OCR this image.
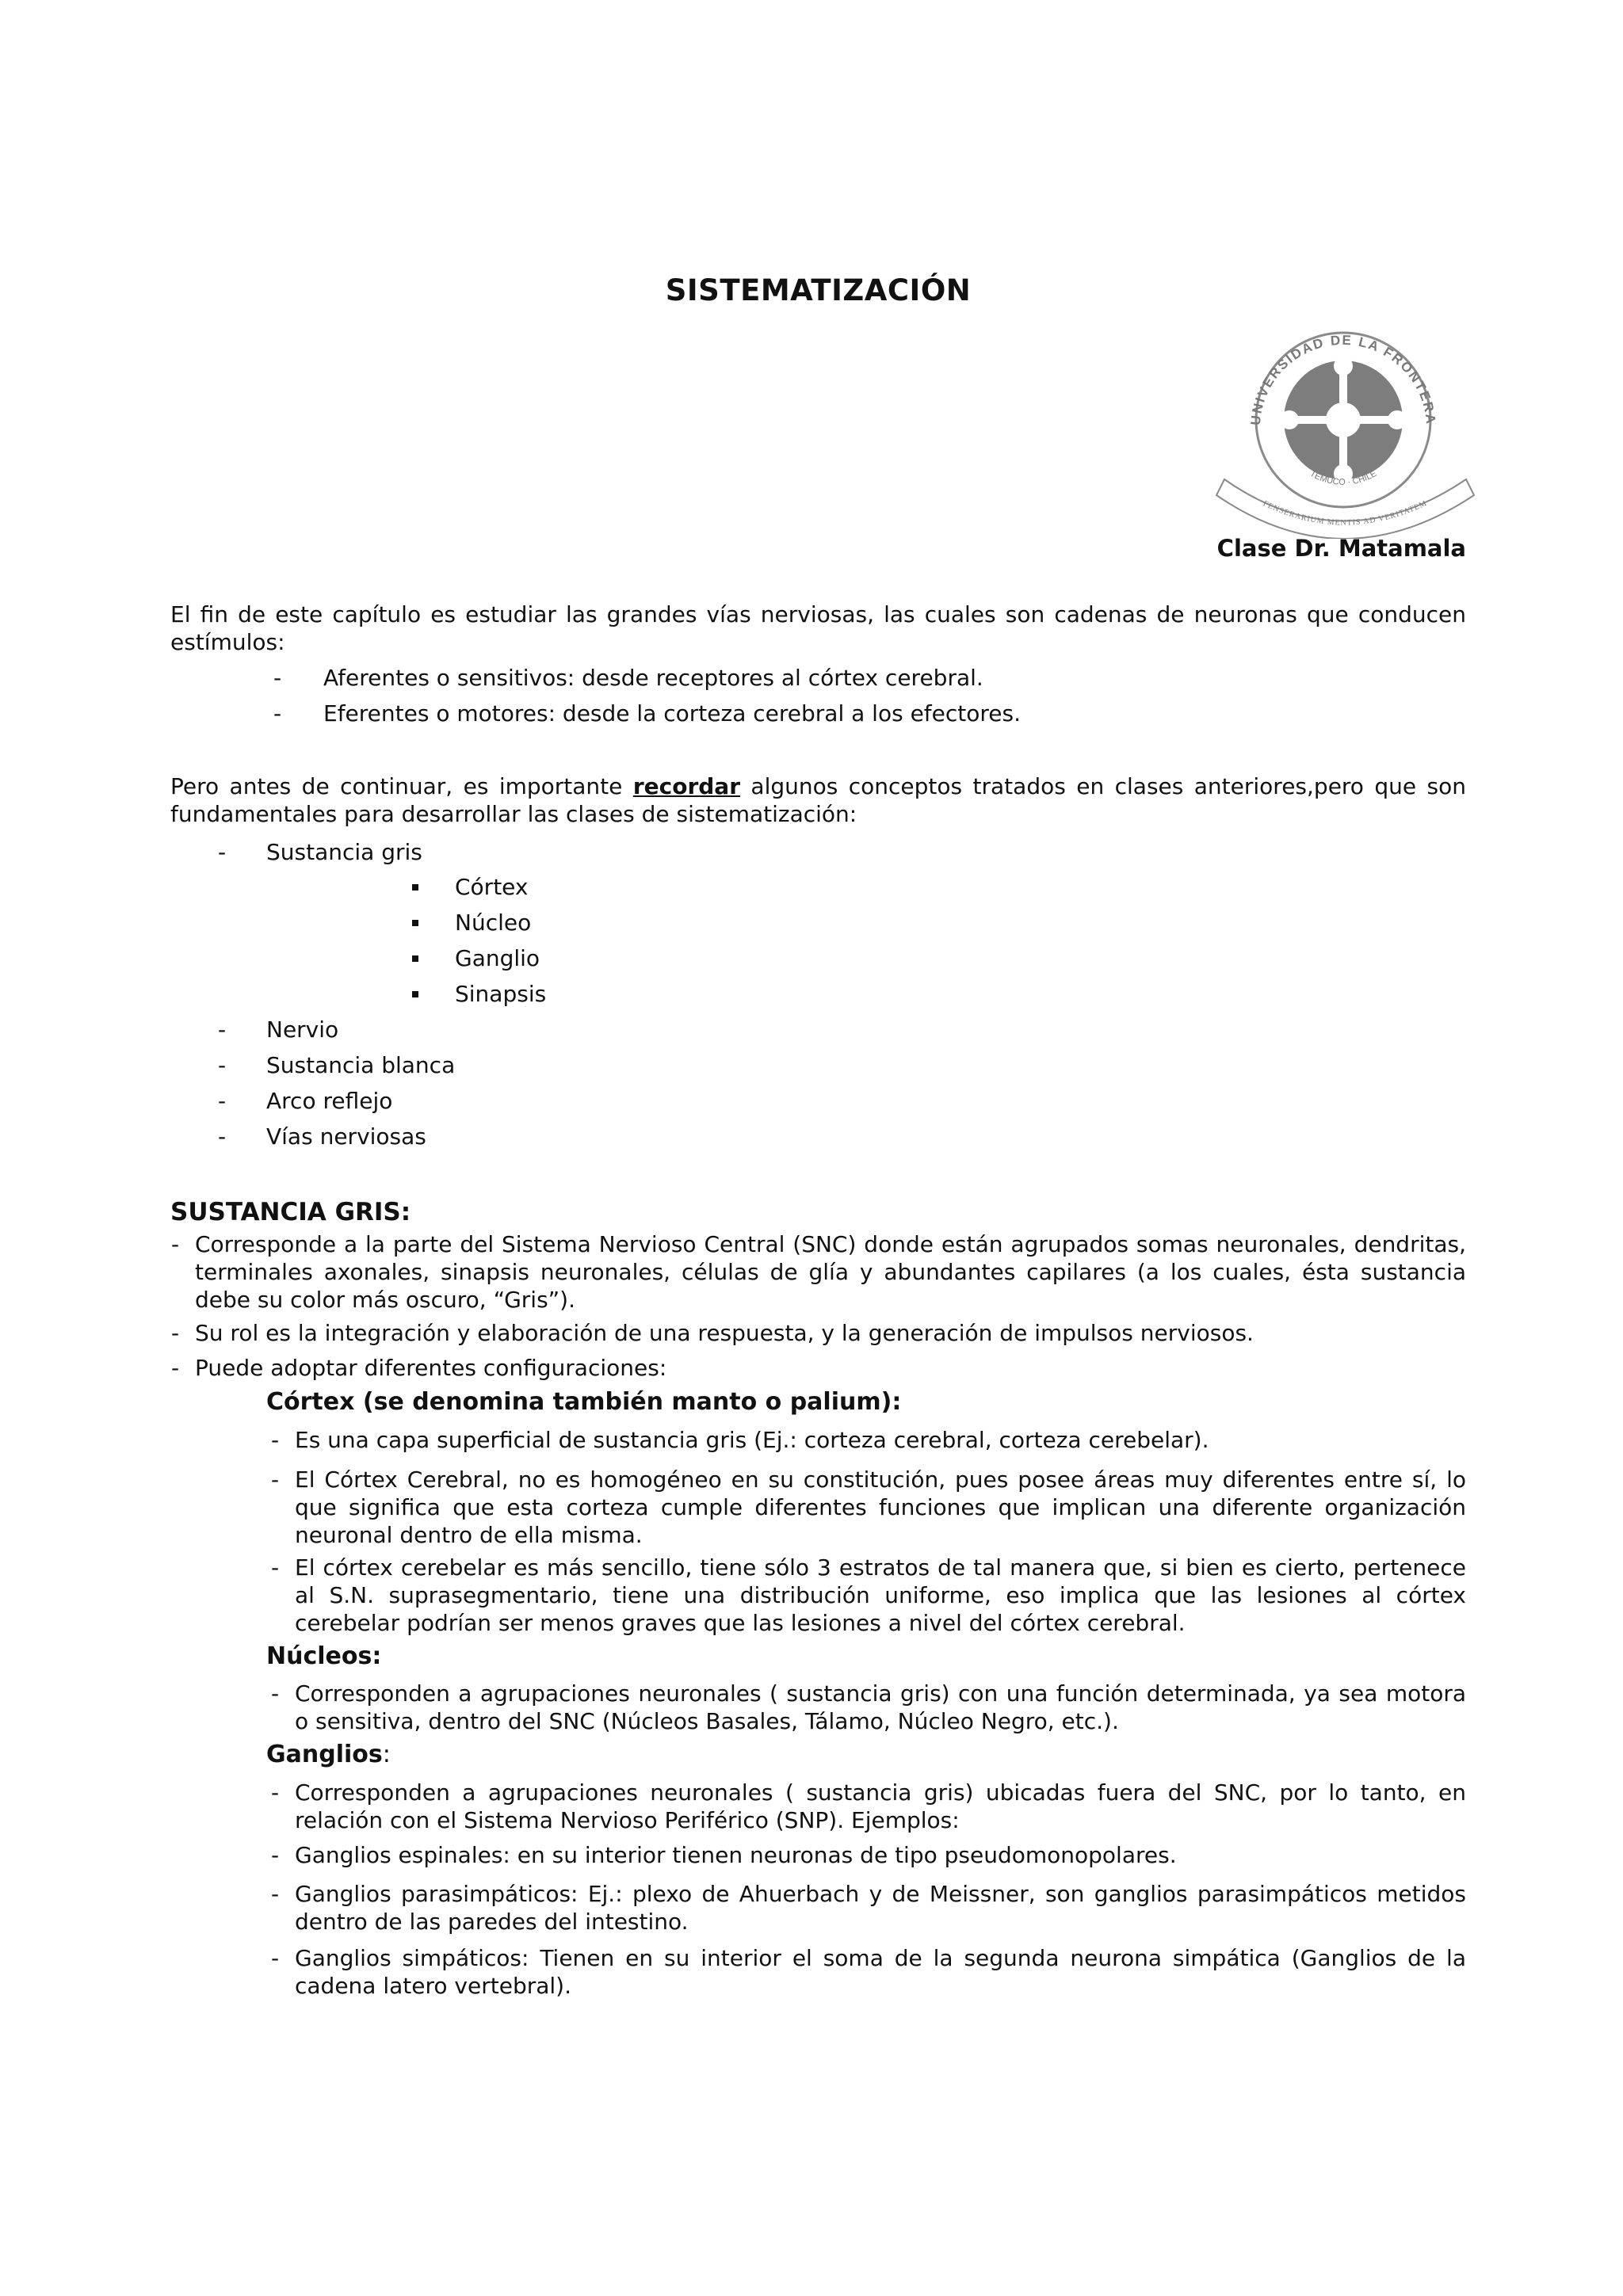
SISTEMATIZACIÓN
UNIVERSIDAD DE LA FRONTERA
TEMUCO · CHILE
FENSERARIUM MENTIS AD VERITATEM
Clase Dr. Matamala
El fin de este capítulo es estudiar las grandes vías nerviosas, las cuales son cadenas de neuronas que conducen estímulos:
- Aferentes o sensitivos: desde receptores al córtex cerebral.
- Eferentes o motores: desde la corteza cerebral a los efectores.
Pero antes de continuar, es importante recordar algunos conceptos tratados en clases anteriores,pero que son fundamentales para desarrollar las clases de sistematización:
- Sustancia gris
Córtex
Núcleo
Ganglio
Sinapsis
- Nervio
- Sustancia blanca
- Arco reflejo
- Vías nerviosas
SUSTANCIA GRIS:
- Corresponde a la parte del Sistema Nervioso Central (SNC) donde están agrupados somas neuronales, dendritas, terminales axonales, sinapsis neuronales, células de glía y abundantes capilares (a los cuales, ésta sustancia debe su color más oscuro, “Gris”).
- Su rol es la integración y elaboración de una respuesta, y la generación de impulsos nerviosos.
- Puede adoptar diferentes configuraciones:
Córtex (se denomina también manto o palium):
- Es una capa superficial de sustancia gris (Ej.: corteza cerebral, corteza cerebelar).
- El Córtex Cerebral, no es homogéneo en su constitución, pues posee áreas muy diferentes entre sí, lo que significa que esta corteza cumple diferentes funciones que implican una diferente organización neuronal dentro de ella misma.
- El córtex cerebelar es más sencillo, tiene sólo 3 estratos de tal manera que, si bien es cierto, pertenece al S.N. suprasegmentario, tiene una distribución uniforme, eso implica que las lesiones al córtex cerebelar podrían ser menos graves que las lesiones a nivel del córtex cerebral.
Núcleos:
- Corresponden a agrupaciones neuronales ( sustancia gris) con una función determinada, ya sea motora o sensitiva, dentro del SNC (Núcleos Basales, Tálamo, Núcleo Negro, etc.).
Ganglios:
- Corresponden a agrupaciones neuronales ( sustancia gris) ubicadas fuera del SNC, por lo tanto, en relación con el Sistema Nervioso Periférico (SNP). Ejemplos:
- Ganglios espinales: en su interior tienen neuronas de tipo pseudomonopolares.
- Ganglios parasimpáticos: Ej.: plexo de Ahuerbach y de Meissner, son ganglios parasimpáticos metidos dentro de las paredes del intestino.
- Ganglios simpáticos: Tienen en su interior el soma de la segunda neurona simpática (Ganglios de la cadena latero vertebral).
